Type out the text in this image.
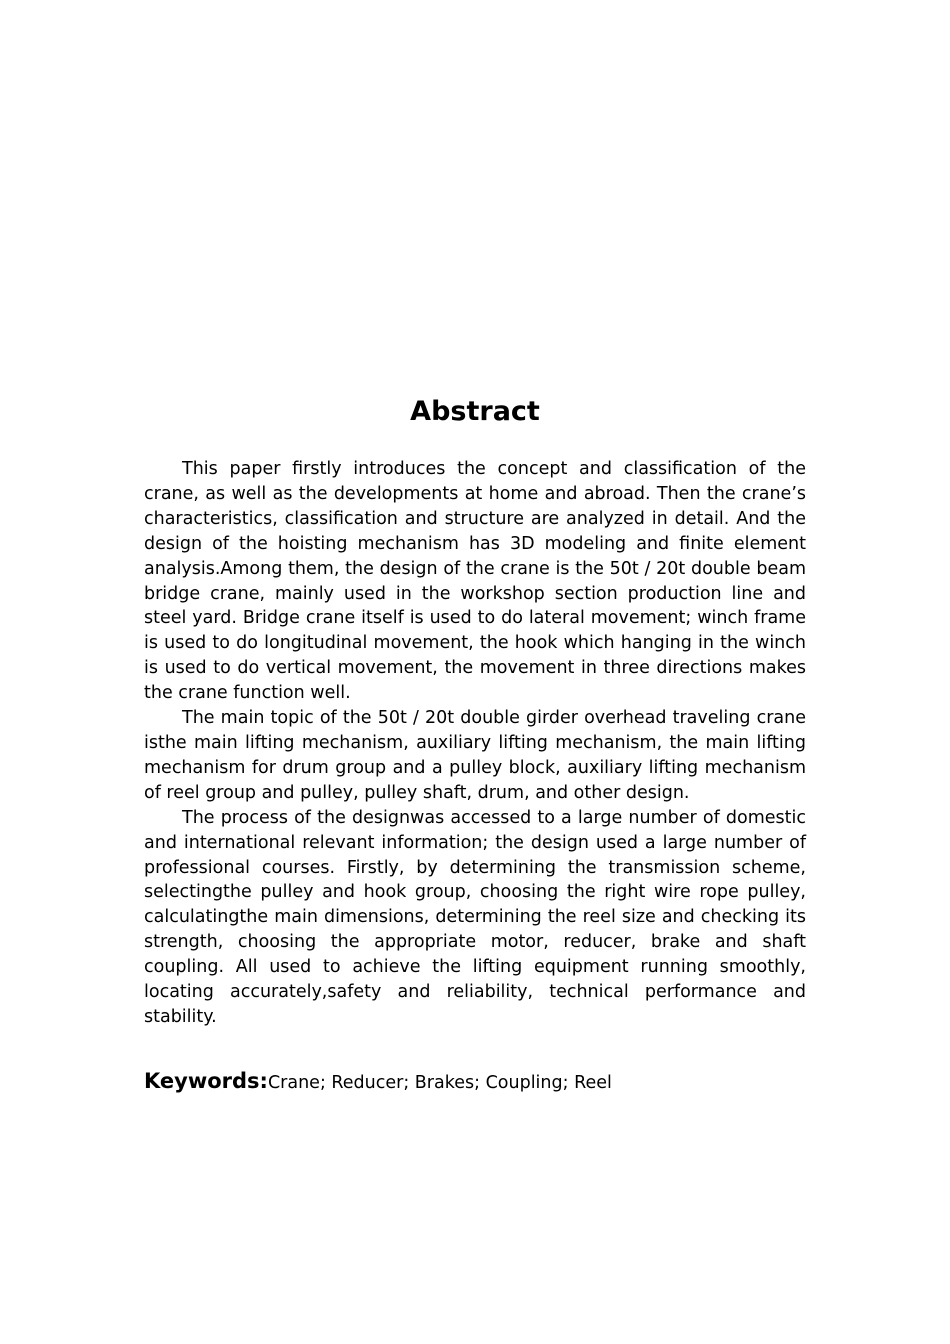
Abstract

This paper firstly introduces the concept and classification of the crane, as well as the developments at home and abroad. Then the crane’s characteristics, classification and structure are analyzed in detail. And the design of the hoisting mechanism has 3D modeling and finite element analysis.Among them, the design of the crane is the 50t / 20t double beam bridge crane, mainly used in the workshop section production line and steel yard. Bridge crane itself is used to do lateral movement; winch frame is used to do longitudinal movement, the hook which hanging in the winch is used to do vertical movement, the movement in three directions makes the crane function well.

The main topic of the 50t / 20t double girder overhead traveling crane isthe main lifting mechanism, auxiliary lifting mechanism, the main lifting mechanism for drum group and a pulley block, auxiliary lifting mechanism of reel group and pulley, pulley shaft, drum, and other design.

The process of the designwas accessed to a large number of domestic and international relevant information; the design used a large number of professional courses. Firstly, by determining the transmission scheme, selectingthe pulley and hook group, choosing the right wire rope pulley, calculatingthe main dimensions, determining the reel size and checking its strength, choosing the appropriate motor, reducer, brake and shaft coupling. All used to achieve the lifting equipment running smoothly, locating accurately,safety and reliability, technical performance and stability.

Keywords:Crane; Reducer; Brakes; Coupling; Reel
